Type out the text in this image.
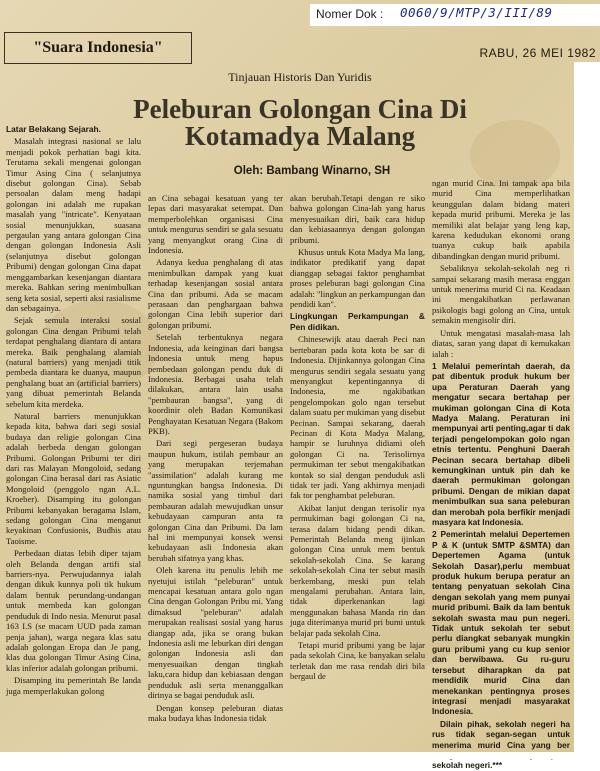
"Suara Indonesia"	RABU, 26 MEI 1982
Tinjauan Historis Dan Yuridis
Peleburan Golongan Cina Di Kotamadya Malang
Oleh: Bambang Winarno, SH
Latar Belakang Sejarah.

Masalah integrasi nasional se lalu menjadi pokok perhatian bagi kita. Terutama sekali mengenai golongan Timur Asing Cina ( selanjutnya disebut golongan Cina). Sebab persoalan dalam meng hadapi golongan ini adalah me rupakan masalah yang "intricate". Kenyataan sosial menunjukkan, suasana pergaulan yang antara golongan Cina dengan golongan Indonesia Asli (selanjutnya disebut golongan Pribumi) dengan golongan Cina dapat menggambarkan kesenjangan diantara mereka. Bahkan sering menimbulkan seng keta sosial, seperti aksi rasialisme dan sebagainya.

Sejak semula interaksi sosial golongan Cina dengan Pribumi telah terdapat penghalang diantara di antara mereka. Baik penghalang alamiah (natural barriers) yang menjadi titik pembeda diantara ke duanya, maupun penghalang buat an (artificial barriers) yang dibuat pemerintah Belanda sebelum kita merdeka.

Natural barriers menunjukkan kepada kita, bahwa dari segi sosial budaya dan religie golongan Cina adalah berbeda dengan golongan Pribumi. Golongan Pribumi ter diri dari ras Malayan Mongoloid, sedang golongan Cina berasal dari ras Asiatic Mongoloid (penggolo ngan A.L. Kroeber). Disamping itu golongan Pribumi kebanyakan beragama Islam, sedang golongan Cina menganut keyakinan Confusionis, Budhis atau Taoisme.

Perbedaan diatas lebih diper tajam oleh Belanda dengan artifi sial barriers-nya. Perwujudannya ialah dengan dikuk kunnya poli tik hukum dalam bentuk perundang-undangan untuk membeda kan golongan penduduk di Indo nesia. Menurut pasal 163 I.S (se macam UUD pada zaman penja jahan), warga negara klas satu adalah golongan Eropa dan Je pang, klas dua golongan Timur Asing Cina, klas inferior adalah golongan pribumi.

Disamping itu pemerintah Be landa juga memperlakukan golong

an Cina sebagai kesatuan yang ter lepas dari masyarakat setempat. Dan memperbolehkan organisasi Cina untuk mengurus sendiri se gala sesuatu yang menyangkut orang Cina di Indonesia.

Adanya kedua penghalang di atas menimbulkan dampak yang kuat terhadap kesenjangan sosial antara Cina dan pribumi. Ada se macam perasaan dan penghargaan bahwa golongan Cina lebih superior dari golongan pribumi.

Setelah terbentuknya negara Indonesia, ada keinginan dari bangsa Indonesia untuk meng hapus pembedaan golongan pendu duk di Indonesia. Berbagai usaha telah dilakukan, antara lain usaha "pembauran bangsa", yang di koordinir oleh Badan Komunikasi Penghayatan Kesatuan Negara (Bakom PKB).

Dari segi pergeseran budaya maupun hukum, istilah pembaur an yang merupakan terjemahan "assimilation" adalah kurang me nguntungkan bangsa Indonesia. Di namika sosial yang timbul dari pembauran adalah mewujudkan unsur kebudayaan campuran anta ra golongan Cina dan Pribumi. Da lam hal ini mempunyai konsek wensi kebudayaan asli Indonesia akan berubah sifatnya yang khas.

Oleh karena itu penulis lebih me nyetujui istilah "peleburan" untuk mencapai kesatuan antara golo ngan Cina dengan Golongan Pribu mi. Yang dimaksud "peleburan" adalah merupakan realisasi sosial yang harus diangap ada, jika se orang bukan Indonesia asli me leburkan diri dengan golongan Indonesia asli dan menyesuaikan dengan tingkah laku,cara hidup dan kebiasaan dengan penduduk asli serta menanggalkan dirinya se bagai penduduk asli.

Dengan konsep peleburan diatas maka budaya khas Indonesia tidak

akan berubah.Tetapi dengan re siko bahwa golongan Cina-lah yang harus menyesuaikan diri, baik cara hidup dan kebiasaannya dengan golongan pribumi.

Khusus untuk Kota Madya Ma lang, indikator predikatif yang dapat dianggap sebagai faktor penghambat proses peleburan bagi golongan Cina adalah: "lingkun an perkampungan dan pendidi kan".

Lingkungan Perkampungan & Pen didikan.

Chinesewijk atau daerah Peci nan bertebaran pada kota kota be sar di Indonesia. Dijinkannya golongan Cina mengurus sendiri segala sesuatu yang menyangkut kepentingannya di Indonesia, me ngakibatkan pengelompokan golo ngan tersebut dalam suatu per mukiman yang disebut Pecinan. Sampai sekarang, daerah Pecinan di Kota Madya Malang, hampir se luruhnya didiami oleh golongan Ci na. Terisolirnya permukiman ter sebut mengakibatkan kontak so sial dengan penduduk asli tidak ter jadi. Yang akhirnya menjadi fak tor penghambat peleburan.

Akibat lanjut dengan terisolir nya permukiman bagi golongan Ci na, terasa dalam bidang pendi dikan. Pemerintah Belanda meng ijinkan golongan Cina untuk mem bentuk sekolah-sekolah Cina. Se karang sekolah-sekolah Cina ter sebut masih berkembang, meski pun telah mengalami perubahan. Antara lain, tidak diperkenankan lagi menggunakan bahasa Manda rin dan juga diterimanya murid pri bumi untuk belajar pada sekolah Cina.

Tetapi murid pribumi yang be lajar pada sekolah Cina, ke banyakan selalu terletak dan me rasa rendah diri bila bergaul de

ngan murid Cina. Ini tampak apa bila murid Cina memperlihatkan keunggulan dalam bidang materi kepada murid pribumi. Mereka je las memiliki alat belajar yang leng kap, karena kedudukan ekonomi orang tuanya cukup baik apabila dibandingkan dengan murid pribumi.

Sebaliknya sekolah-sekolah neg ri sampai sekarang masih merasa enggan untuk menerima murid Ci na. Keadaan ini mengakibatkan perlawanan psikologis bagi golong an Cina, untuk semakin mengisolir diri.

Untuk mengatasi masalah-masa lah diatas, saran yang dapat di kemukakan ialah :

1 Melalui pemerintah daerah, da pat dibentuk produk hukum ber upa Peraturan Daerah yang mengatur secara bertahap per mukiman golongan Cina di Kota Madya Malang. Peraturan ini mempunyai arti penting,agar ti dak terjadi pengelompokan golo ngan etnis tertentu. Penghuni Daerah Pecinan secara bertahap dibeli kemungkinan untuk pin dah ke daerah permukiman golongan pribumi. Dengan de mikian dapat menimbulkan sua sana peleburan dan merobah pola berfikir menjadi masyara kat Indonesia.

2 Pemerintah melalui Depertemen P & K (untuk SMTP &SMTA) dan Depertemen Agama (untuk Sekolah Dasar),perlu membuat produk hukum berupa peratur an tentang penyatuan sekolah Cina dengan sekolah yang mem punyai murid pribumi. Baik da lam bentuk sekolah swasta mau pun negeri. Tidak untuk sekolah ter sebut perlu diangkat sebanyak mungkin guru pribumi yang cu kup senior dan berwibawa. Gu ru-guru tersebut diharapkan da pat mendidik murid Cina dan menekankan pentingnya proses integrasi menjadi masyarakat Indonesia.

Dilain pihak, sekolah negeri ha rus tidak segan-segan untuk menerima murid Cina yang ber sekolah negeri.***

Nomer Dok : 0060/9/MTP/3/III/89
